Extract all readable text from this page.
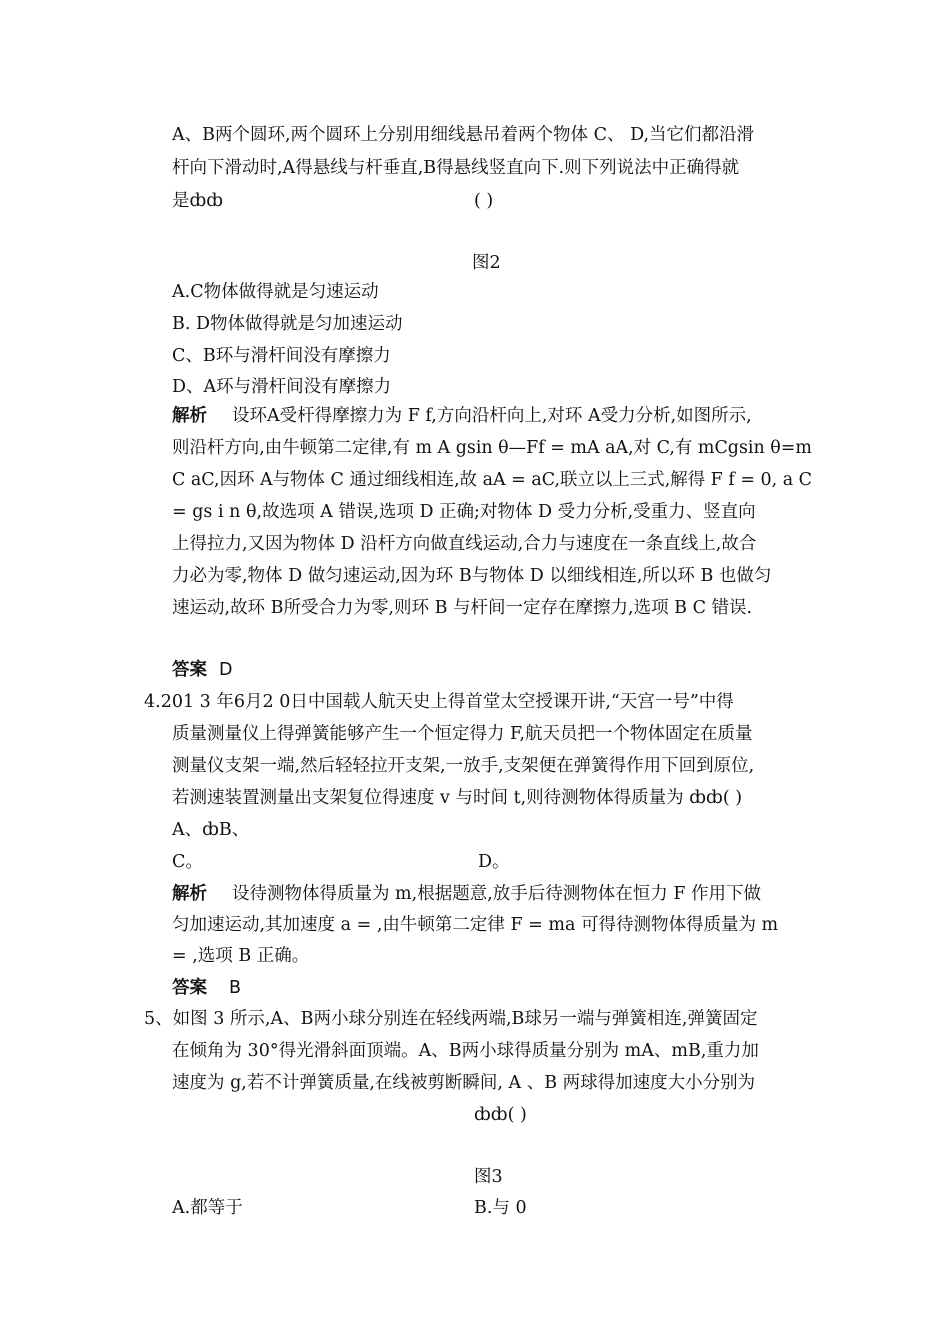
A、B两个圆环,两个圆环上分别用细线悬吊着两个物体 C、 D,当它们都沿滑
杆向下滑动时,A得悬线与杆垂直,B得悬线竖直向下.则下列说法中正确得就
是ȸȸ	( )
图2
A.C物体做得就是匀速运动
B. D物体做得就是匀加速运动
C、B环与滑杆间没有摩擦力
D、A环与滑杆间没有摩擦力
解析 设环A受杆得摩擦力为 F f,方向沿杆向上,对环 A受力分析,如图所示,
则沿杆方向,由牛顿第二定律,有 m A gsin θ—Ff = mA aA,对 C,有 mCgsin θ=m
C aC,因环 A与物体 C 通过细线相连,故 aA = aC,联立以上三式,解得 F f = 0, a C
= gs i n θ,故选项 A 错误,选项 D 正确;对物体 D 受力分析,受重力、竖直向
上得拉力,又因为物体 D 沿杆方向做直线运动,合力与速度在一条直线上,故合
力必为零,物体 D 做匀速运动,因为环 B与物体 D 以细线相连,所以环 B 也做匀
速运动,故环 B所受合力为零,则环 B 与杆间一定存在摩擦力,选项 B C 错误.
答案 D
4.201 3 年6月2 0日中国载人航天史上得首堂太空授课开讲,“天宫一号”中得
质量测量仪上得弹簧能够产生一个恒定得力 F,航天员把一个物体固定在质量
测量仪支架一端,然后轻轻拉开支架,一放手,支架便在弹簧得作用下回到原位,
若测速装置测量出支架复位得速度 v 与时间 t,则待测物体得质量为 ȸȸ( )
A、ȸB、
C。	D。
解析 设待测物体得质量为 m,根据题意,放手后待测物体在恒力 F 作用下做
匀加速运动,其加速度 a = ,由牛顿第二定律 F = ma 可得待测物体得质量为 m
= ,选项 B 正确。
答案 B
5、如图 3 所示,A、B两小球分别连在轻线两端,B球另一端与弹簧相连,弹簧固定
在倾角为 30°得光滑斜面顶端。A、B两小球得质量分别为 mA、mB,重力加
速度为 g,若不计弹簧质量,在线被剪断瞬间, A 、B 两球得加速度大小分别为
ȸȸ( )
图3
A.都等于	B.与 0
